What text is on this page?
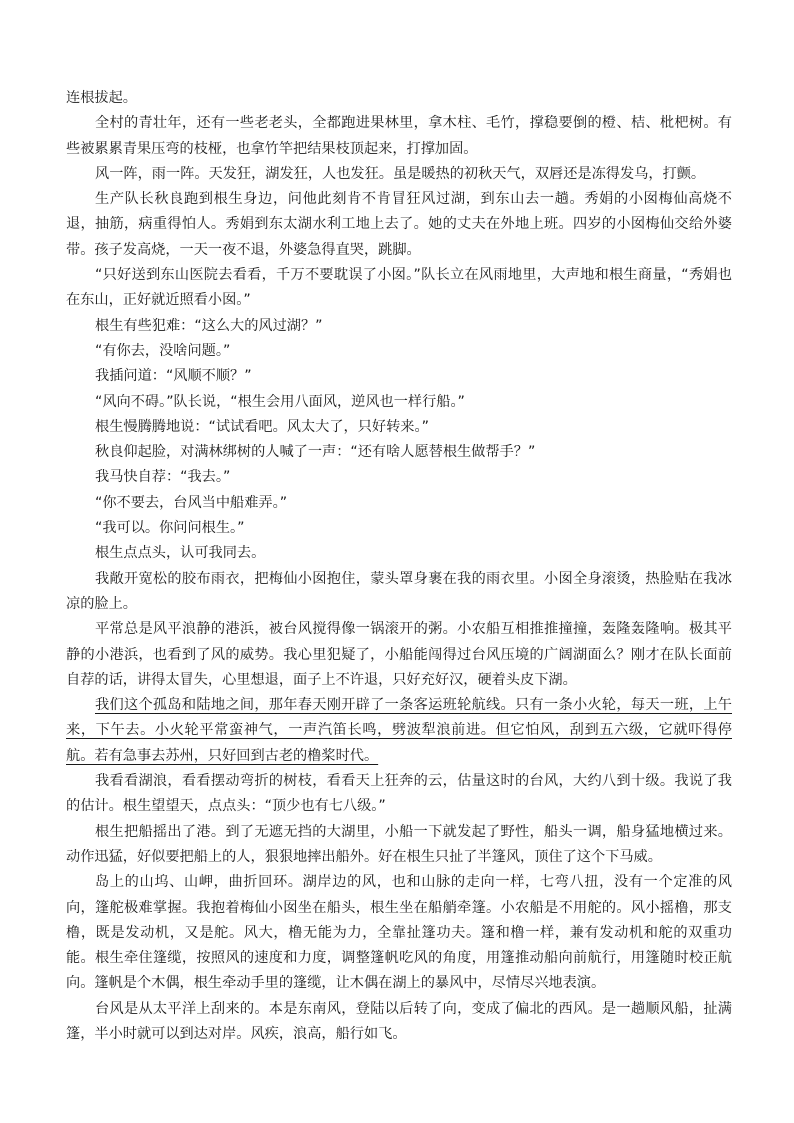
连根拔起。

全村的青壮年，还有一些老老头，全都跑进果林里，拿木柱、毛竹，撑稳要倒的橙、桔、枇杷树。有些被累累青果压弯的枝桠，也拿竹竿把结果枝顶起来，打撑加固。

风一阵，雨一阵。天发狂，湖发狂，人也发狂。虽是暖热的初秋天气，双唇还是冻得发乌，打颤。

生产队长秋良跑到根生身边，问他此刻肯不肯冒狂风过湖，到东山去一趟。秀娟的小囡梅仙高烧不退，抽筋，病重得怕人。秀娟到东太湖水利工地上去了。她的丈夫在外地上班。四岁的小囡梅仙交给外婆带。孩子发高烧，一天一夜不退，外婆急得直哭，跳脚。

“只好送到东山医院去看看，千万不要耽误了小囡。”队长立在风雨地里，大声地和根生商量，“秀娟也在东山，正好就近照看小囡。”

根生有些犯难：“这么大的风过湖？”

“有你去，没啥问题。”

我插问道：“风顺不顺？”

“风向不碍。”队长说，“根生会用八面风，逆风也一样行船。”

根生慢腾腾地说：“试试看吧。风太大了，只好转来。”

秋良仰起脸，对满林绑树的人喊了一声：“还有啥人愿替根生做帮手？”

我马快自荐：“我去。”

“你不要去，台风当中船难弄。”

“我可以。你问问根生。”

根生点点头，认可我同去。

我敞开宽松的胶布雨衣，把梅仙小囡抱住，蒙头罩身裹在我的雨衣里。小囡全身滚烫，热脸贴在我冰凉的脸上。

平常总是风平浪静的港浜，被台风搅得像一锅滚开的粥。小农船互相推推撞撞，轰隆轰隆响。极其平静的小港浜，也看到了风的威势。我心里犯疑了，小船能闯得过台风压境的广阔湖面么？刚才在队长面前自荐的话，讲得太冒失，心里想退，面子上不许退，只好充好汉，硬着头皮下湖。

我们这个孤岛和陆地之间，那年春天刚开辟了一条客运班轮航线。只有一条小火轮，每天一班，上午来，下午去。小火轮平常蛮神气，一声汽笛长鸣，劈波犁浪前进。但它怕风，刮到五六级，它就吓得停航。若有急事去苏州，只好回到古老的橹桨时代。

我看看湖浪，看看摆动弯折的树枝，看看天上狂奔的云，估量这时的台风，大约八到十级。我说了我的估计。根生望望天，点点头：“顶少也有七八级。”

根生把船摇出了港。到了无遮无挡的大湖里，小船一下就发起了野性，船头一调，船身猛地横过来。动作迅猛，好似要把船上的人，狠狠地摔出船外。好在根生只扯了半篷风，顶住了这个下马威。

岛上的山坞、山岬，曲折回环。湖岸边的风，也和山脉的走向一样，七弯八扭，没有一个定准的风向，篷舵极难掌握。我抱着梅仙小囡坐在船头，根生坐在船艄牵篷。小农船是不用舵的。风小摇橹，那支橹，既是发动机，又是舵。风大，橹无能为力，全靠扯篷功夫。篷和橹一样，兼有发动机和舵的双重功能。根生牵住篷缆，按照风的速度和力度，调整篷帆吃风的角度，用篷推动船向前航行，用篷随时校正航向。篷帆是个木偶，根生牵动手里的篷缆，让木偶在湖上的暴风中，尽情尽兴地表演。

台风是从太平洋上刮来的。本是东南风，登陆以后转了向，变成了偏北的西风。是一趟顺风船，扯满篷，半小时就可以到达对岸。风疾，浪高，船行如飞。
